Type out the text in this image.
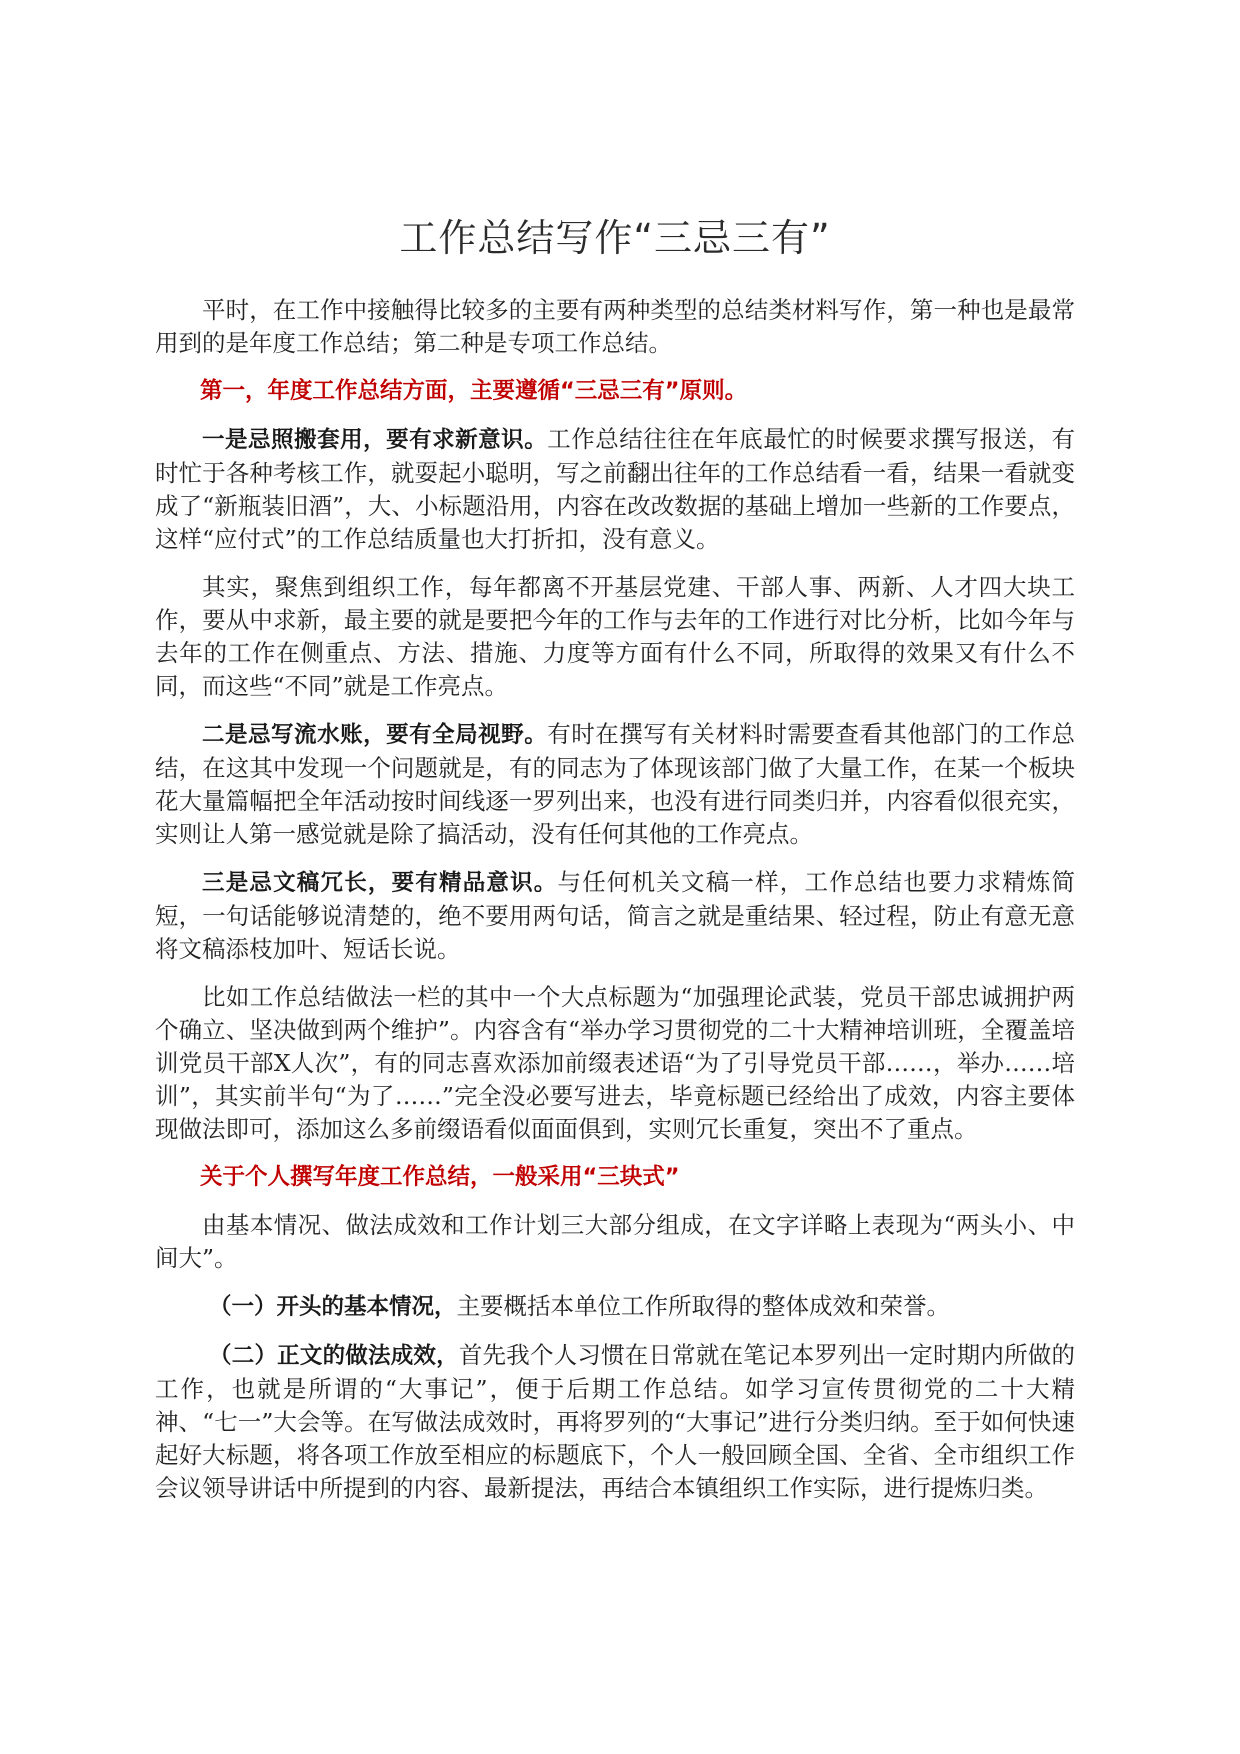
工作总结写作“三忌三有”

平时，在工作中接触得比较多的主要有两种类型的总结类材料写作，第一种也是最常用到的是年度工作总结；第二种是专项工作总结。

第一，年度工作总结方面，主要遵循“三忌三有”原则。

一是忌照搬套用，要有求新意识。工作总结往往在年底最忙的时候要求撰写报送，有时忙于各种考核工作，就耍起小聪明，写之前翻出往年的工作总结看一看，结果一看就变成了“新瓶装旧酒”，大、小标题沿用，内容在改改数据的基础上增加一些新的工作要点，这样“应付式”的工作总结质量也大打折扣，没有意义。

其实，聚焦到组织工作，每年都离不开基层党建、干部人事、两新、人才四大块工作，要从中求新，最主要的就是要把今年的工作与去年的工作进行对比分析，比如今年与去年的工作在侧重点、方法、措施、力度等方面有什么不同，所取得的效果又有什么不同，而这些“不同”就是工作亮点。

二是忌写流水账，要有全局视野。有时在撰写有关材料时需要查看其他部门的工作总结，在这其中发现一个问题就是，有的同志为了体现该部门做了大量工作，在某一个板块花大量篇幅把全年活动按时间线逐一罗列出来，也没有进行同类归并，内容看似很充实，实则让人第一感觉就是除了搞活动，没有任何其他的工作亮点。

三是忌文稿冗长，要有精品意识。与任何机关文稿一样，工作总结也要力求精炼简短，一句话能够说清楚的，绝不要用两句话，简言之就是重结果、轻过程，防止有意无意将文稿添枝加叶、短话长说。

比如工作总结做法一栏的其中一个大点标题为“加强理论武装，党员干部忠诚拥护两个确立、坚决做到两个维护”。内容含有“举办学习贯彻党的二十大精神培训班，全覆盖培训党员干部X人次”，有的同志喜欢添加前缀表述语“为了引导党员干部……，举办……培训”，其实前半句“为了……”完全没必要写进去，毕竟标题已经给出了成效，内容主要体现做法即可，添加这么多前缀语看似面面俱到，实则冗长重复，突出不了重点。

关于个人撰写年度工作总结，一般采用“三块式”

由基本情况、做法成效和工作计划三大部分组成，在文字详略上表现为“两头小、中间大”。

（一）开头的基本情况，主要概括本单位工作所取得的整体成效和荣誉。

（二）正文的做法成效，首先我个人习惯在日常就在笔记本罗列出一定时期内所做的工作，也就是所谓的“大事记”，便于后期工作总结。如学习宣传贯彻党的二十大精神、“七一”大会等。在写做法成效时，再将罗列的“大事记”进行分类归纳。至于如何快速起好大标题，将各项工作放至相应的标题底下，个人一般回顾全国、全省、全市组织工作会议领导讲话中所提到的内容、最新提法，再结合本镇组织工作实际，进行提炼归类。
